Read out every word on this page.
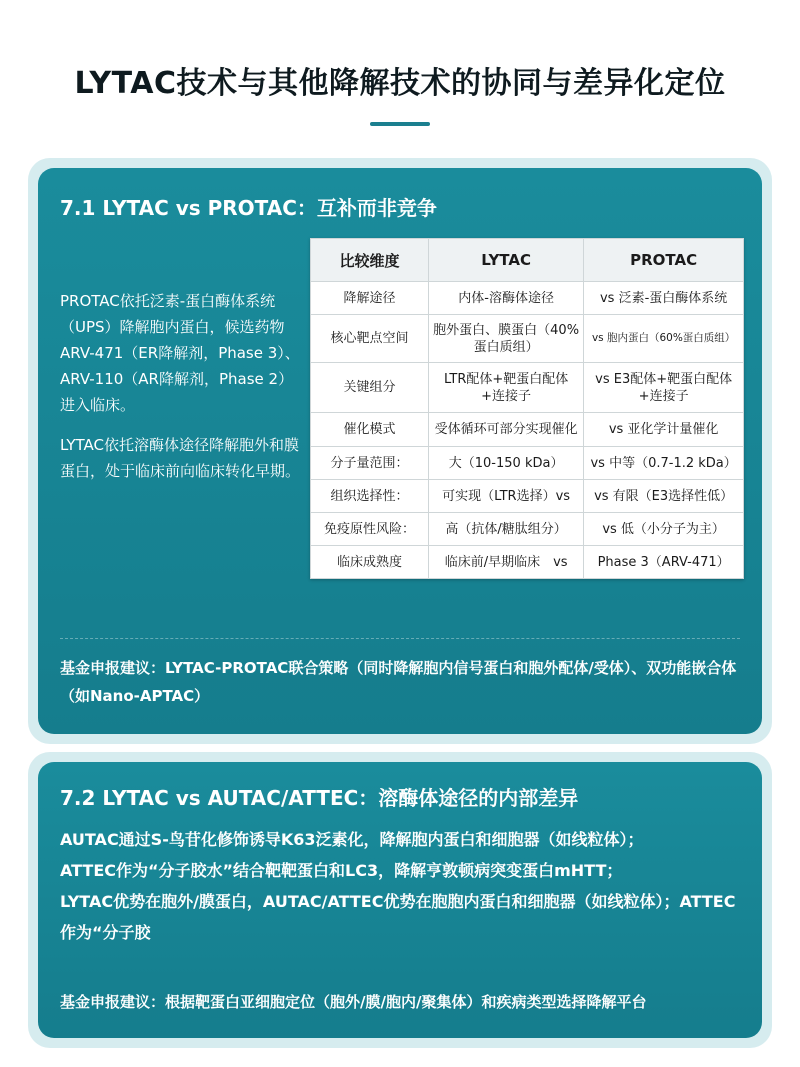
LYTAC技术与其他降解技术的协同与差异化定位
7.1 LYTAC vs PROTAC：互补而非竞争

PROTAC依托泛素-蛋白酶体系统（UPS）降解胞内蛋白，候选药物ARV-471（ER降解剂，Phase 3）、ARV-110（AR降解剂，Phase 2）进入临床。

LYTAC依托溶酶体途径降解胞外和膜蛋白，处于临床前向临床转化早期。

比较维度	LYTAC	PROTAC
降解途径	内体-溶酶体途径	vs 泛素-蛋白酶体系统
核心靶点空间	胞外蛋白、膜蛋白（40%蛋白质组）	vs 胞内蛋白（60%蛋白质组）
关键组分	LTR配体+靶蛋白配体+连接子	vs E3配体+靶蛋白配体+连接子
催化模式	受体循环可部分实现催化	vs 亚化学计量催化
分子量范围：	大（10-150 kDa）	vs 中等（0.7-1.2 kDa）
组织选择性：	可实现（LTR选择）vs	vs 有限（E3选择性低）
免疫原性风险：	高（抗体/糖肽组分）	vs 低（小分子为主）
临床成熟度	临床前/早期临床　vs	Phase 3（ARV-471）
基金申报建议：LYTAC-PROTAC联合策略（同时降解胞内信号蛋白和胞外配体/受体）、双功能嵌合体（如Nano-APTAC）
7.2 LYTAC vs AUTAC/ATTEC：溶酶体途径的内部差异
AUTAC通过S-鸟苷化修饰诱导K63泛素化，降解胞内蛋白和细胞器（如线粒体）；
ATTEC作为“分子胶水”结合靶靶蛋白和LC3，降解亨敦顿病突变蛋白mHTT；
LYTAC优势在胞外/膜蛋白，AUTAC/ATTEC优势在胞胞内蛋白和细胞器（如线粒体）；ATTEC作为“分子胶
基金申报建议：根据靶蛋白亚细胞定位（胞外/膜/胞内/聚集体）和疾病类型选择降解平台
